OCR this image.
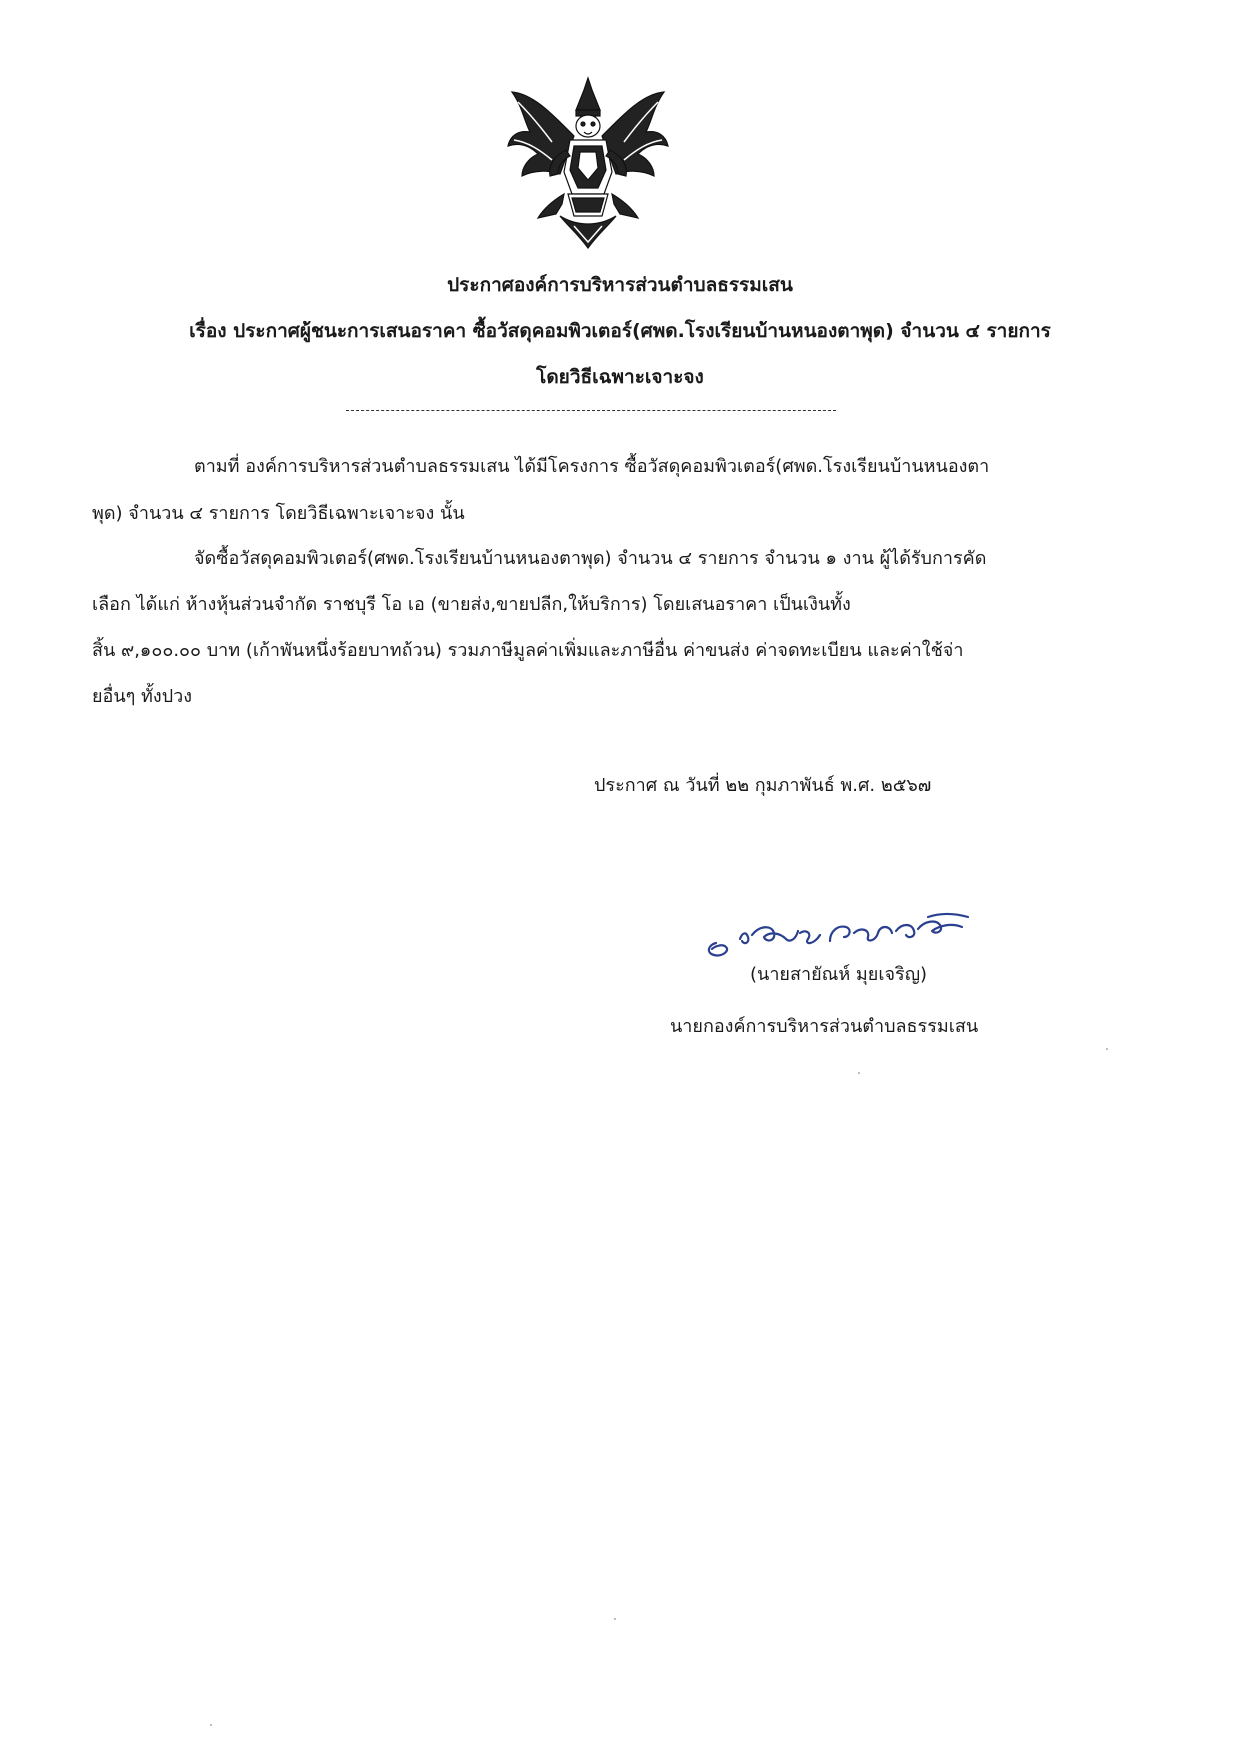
ประกาศองค์การบริหารส่วนตำบลธรรมเสน
เรื่อง ประกาศผู้ชนะการเสนอราคา ซื้อวัสดุคอมพิวเตอร์(ศพด.โรงเรียนบ้านหนองตาพุด) จำนวน ๔ รายการ
โดยวิธีเฉพาะเจาะจง
ตามที่ องค์การบริหารส่วนตำบลธรรมเสน ได้มีโครงการ ซื้อวัสดุคอมพิวเตอร์(ศพด.โรงเรียนบ้านหนองตา
พุด) จำนวน ๔ รายการ โดยวิธีเฉพาะเจาะจง นั้น
จัดซื้อวัสดุคอมพิวเตอร์(ศพด.โรงเรียนบ้านหนองตาพุด) จำนวน ๔ รายการ จำนวน ๑ งาน ผู้ได้รับการคัด
เลือก ได้แก่ ห้างหุ้นส่วนจำกัด ราชบุรี โอ เอ (ขายส่ง,ขายปลีก,ให้บริการ) โดยเสนอราคา เป็นเงินทั้ง
สิ้น ๙,๑๐๐.๐๐ บาท (เก้าพันหนึ่งร้อยบาทถ้วน) รวมภาษีมูลค่าเพิ่มและภาษีอื่น ค่าขนส่ง ค่าจดทะเบียน และค่าใช้จ่า
ยอื่นๆ ทั้งปวง
ประกาศ ณ วันที่ ๒๒ กุมภาพันธ์ พ.ศ. ๒๕๖๗
(นายสายัณห์ มุยเจริญ)
นายกองค์การบริหารส่วนตำบลธรรมเสน
